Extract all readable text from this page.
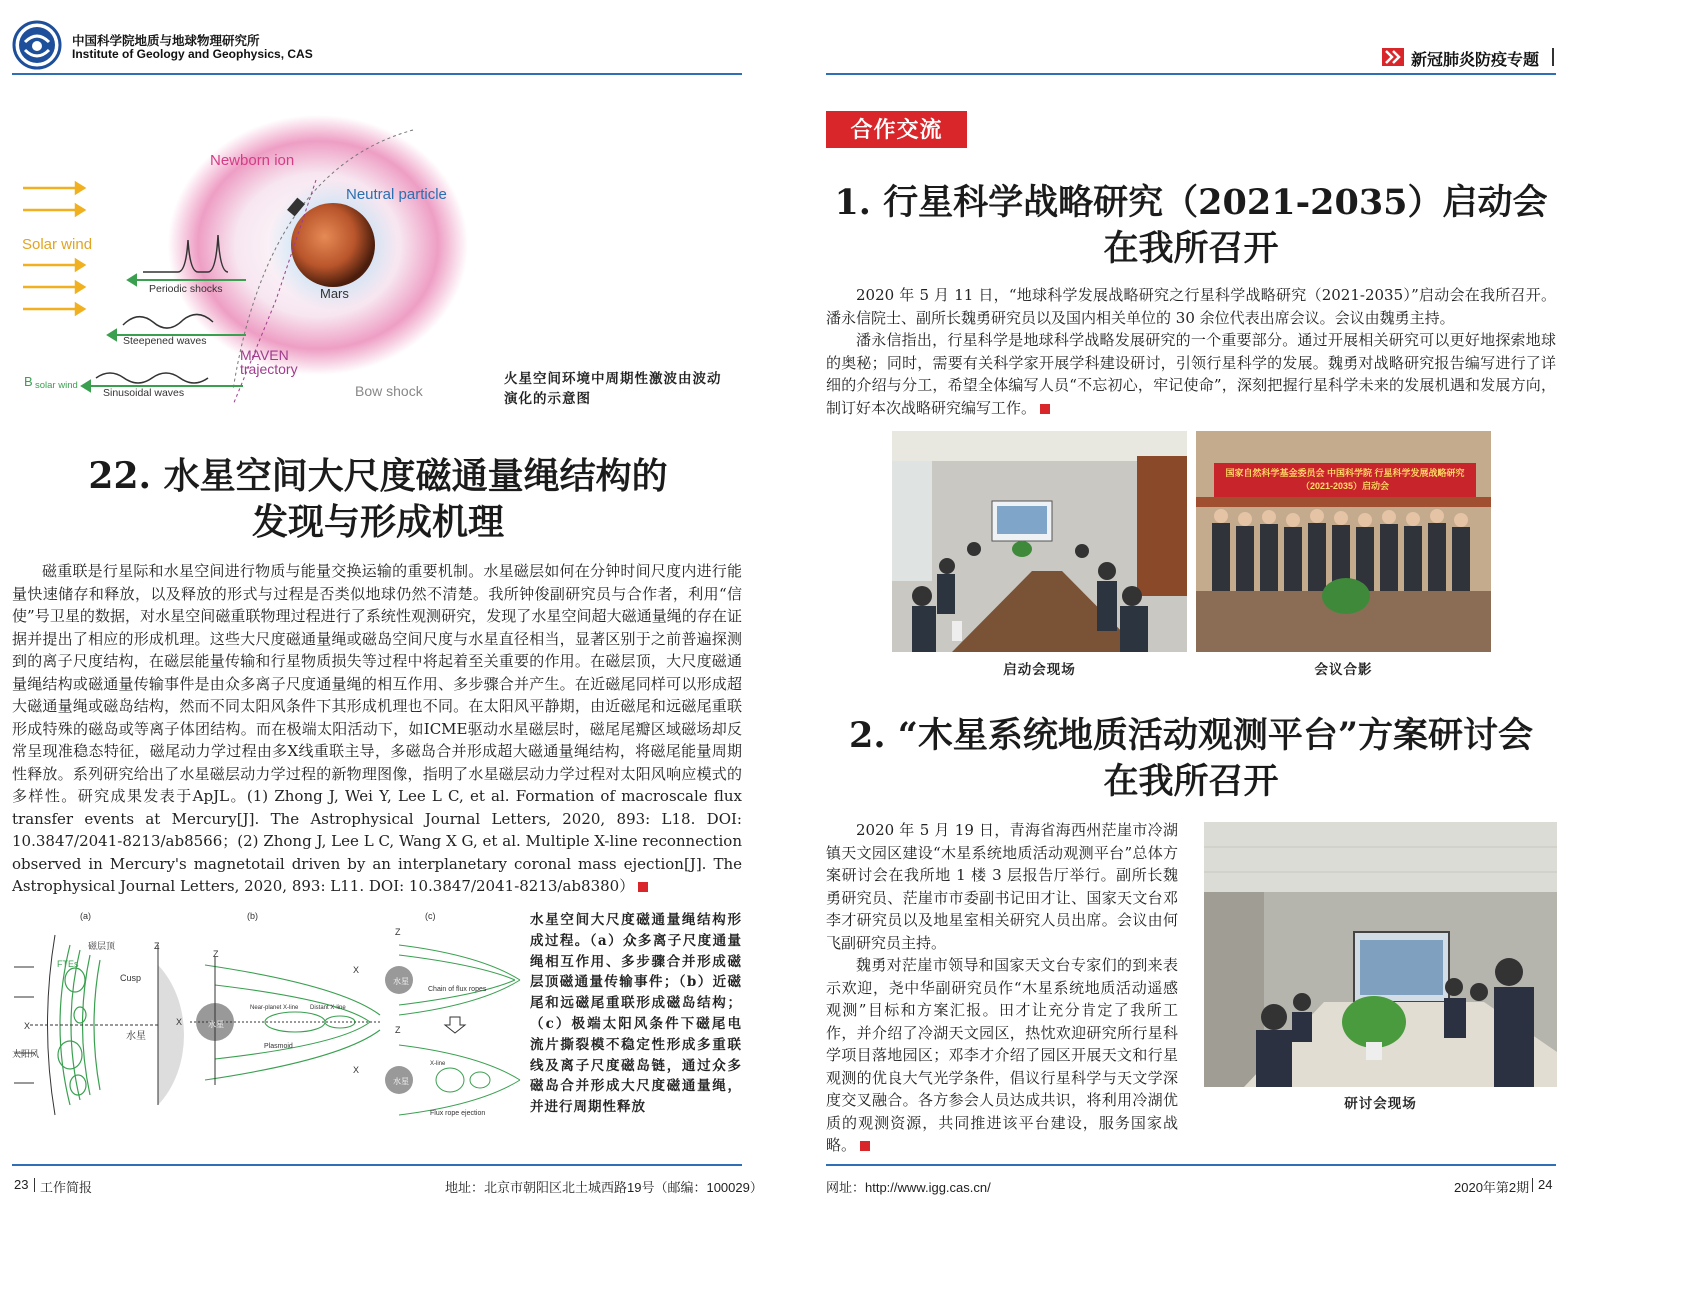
中国科学院地质与地球物理研究所
Institute of Geology and Geophysics, CAS	新冠肺炎防疫专题
Newborn ion
Neutral particle
Solar wind
Periodic shocks	Mars
Steepened waves
MAVEN
trajectory
B solar wind
Sinusoidal waves	Bow shock
火星空间环境中周期性激波由波动
演化的示意图
22. 水星空间大尺度磁通量绳结构的
发现与形成机理

磁重联是行星际和水星空间进行物质与能量交换运输的重要机制。水星磁层如何在分钟时间尺度内进行能量快速储存和释放，以及释放的形式与过程是否类似地球仍然不清楚。我所钟俊副研究员与合作者，利用“信使”号卫星的数据，对水星空间磁重联物理过程进行了系统性观测研究，发现了水星空间超大磁通量绳的存在证据并提出了相应的形成机理。这些大尺度磁通量绳或磁岛空间尺度与水星直径相当，显著区别于之前普遍探测到的离子尺度结构，在磁层能量传输和行星物质损失等过程中将起着至关重要的作用。在磁层顶，大尺度磁通量绳结构或磁通量传输事件是由众多离子尺度通量绳的相互作用、多步骤合并产生。在近磁尾同样可以形成超大磁通量绳或磁岛结构，然而不同太阳风条件下其形成机理也不同。在太阳风平静期，由近磁尾和远磁尾重联形成特殊的磁岛或等离子体团结构。而在极端太阳活动下，如ICME驱动水星磁层时，磁尾尾瓣区域磁场却反常呈现准稳态特征，磁尾动力学过程由多X线重联主导，多磁岛合并形成超大磁通量绳结构，将磁尾能量周期性释放。系列研究给出了水星磁层动力学过程的新物理图像，指明了水星磁层动力学过程对太阳风响应模式的多样性。研究成果发表于ApJL。(1) Zhong J, Wei Y, Lee L C, et al. Formation of macroscale flux transfer events at Mercury[J]. The Astrophysical Journal Letters, 2020, 893: L18. DOI: 10.3847/2041-8213/ab8566；(2) Zhong J, Lee L C, Wang X G, et al. Multiple X-line reconnection observed in Mercury's magnetotail driven by an interplanetary coronal mass ejection[J]. The Astrophysical Journal Letters, 2020, 893: L11. DOI: 10.3847/2041-8213/ab8380）

(a)	(b)	(c)
磁层顶
FTEs
Cusp
水星
太阳风
X
Z
水星
X
Z
Near-planet X-line Distant X-line
Plasmoid
水星
水星
X
X
Z
Z
Chain of flux ropes
X-line
Flux rope ejection
水星空间大尺度磁通量绳结构形成过程。（a）众多离子尺度通量绳相互作用、多步骤合并形成磁层顶磁通量传输事件；（b）近磁尾和远磁尾重联形成磁岛结构；（c）极端太阳风条件下磁尾电流片撕裂模不稳定性形成多重联线及离子尺度磁岛链，通过众多磁岛合并形成大尺度磁通量绳，并进行周期性释放
23 工作简报	地址：北京市朝阳区北土城西路19号（邮编：100029）	网址：http://www.igg.cas.cn/	2020年第2期 24
合作交流
1. 行星科学战略研究（2021-2035）启动会
在我所召开

2020 年 5 月 11 日，“地球科学发展战略研究之行星科学战略研究（2021-2035）”启动会在我所召开。潘永信院士、副所长魏勇研究员以及国内相关单位的 30 余位代表出席会议。会议由魏勇主持。

潘永信指出，行星科学是地球科学战略发展研究的一个重要部分。通过开展相关研究可以更好地探索地球的奥秘；同时，需要有关科学家开展学科建设研讨，引领行星科学的发展。魏勇对战略研究报告编写进行了详细的介绍与分工，希望全体编写人员“不忘初心，牢记使命”，深刻把握行星科学未来的发展机遇和发展方向，制订好本次战略研究编写工作。

启动会现场
国家自然科学基金委员会 中国科学院 行星科学发展战略研究（2021-2035）启动会
会议合影
2. “木星系统地质活动观测平台”方案研讨会
在我所召开

2020 年 5 月 19 日，青海省海西州茫崖市冷湖镇天文园区建设“木星系统地质活动观测平台”总体方案研讨会在我所地 1 楼 3 层报告厅举行。副所长魏勇研究员、茫崖市市委副书记田才让、国家天文台邓李才研究员以及地星室相关研究人员出席。会议由何飞副研究员主持。

魏勇对茫崖市领导和国家天文台专家们的到来表示欢迎，尧中华副研究员作“木星系统地质活动遥感观测”目标和方案汇报。田才让充分肯定了我所工作，并介绍了冷湖天文园区，热忱欢迎研究所行星科学项目落地园区；邓李才介绍了园区开展天文和行星观测的优良大气光学条件，倡议行星科学与天文学深度交叉融合。各方参会人员达成共识，将利用冷湖优质的观测资源，共同推进该平台建设，服务国家战略。

研讨会现场
